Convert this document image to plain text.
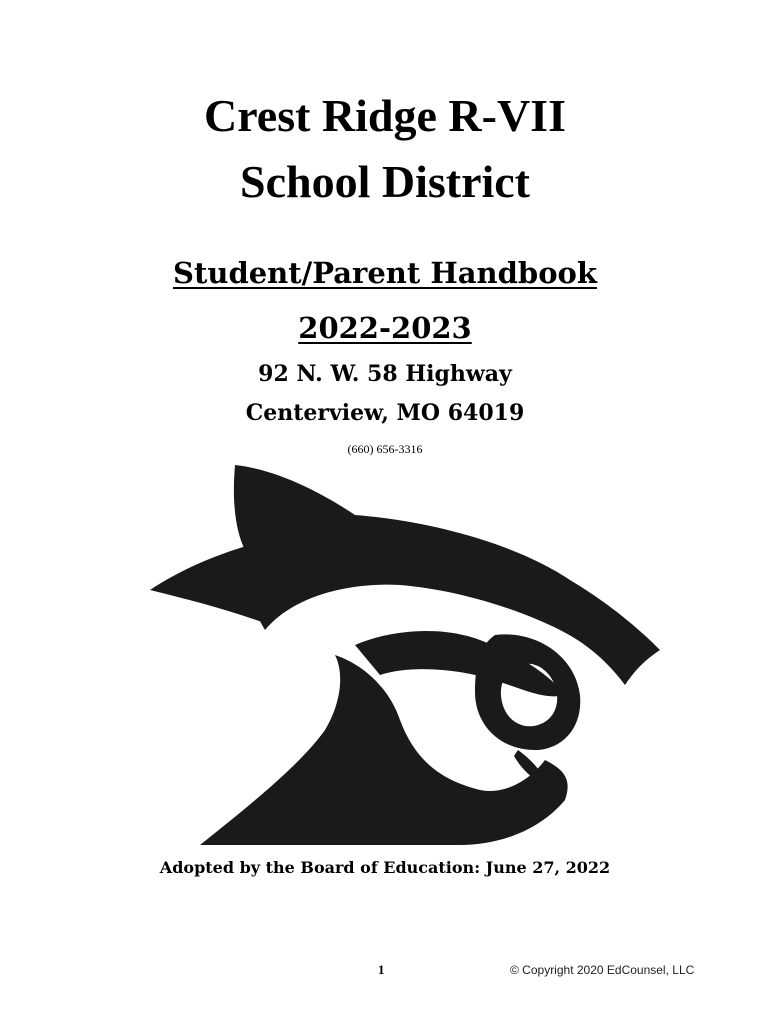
Crest Ridge R-VII
School District
Student/Parent Handbook
2022-2023
92 N. W. 58 Highway
Centerview, MO 64019
(660) 656-3316
Adopted by the Board of Education: June 27, 2022
1	© Copyright 2020 EdCounsel, LLC
